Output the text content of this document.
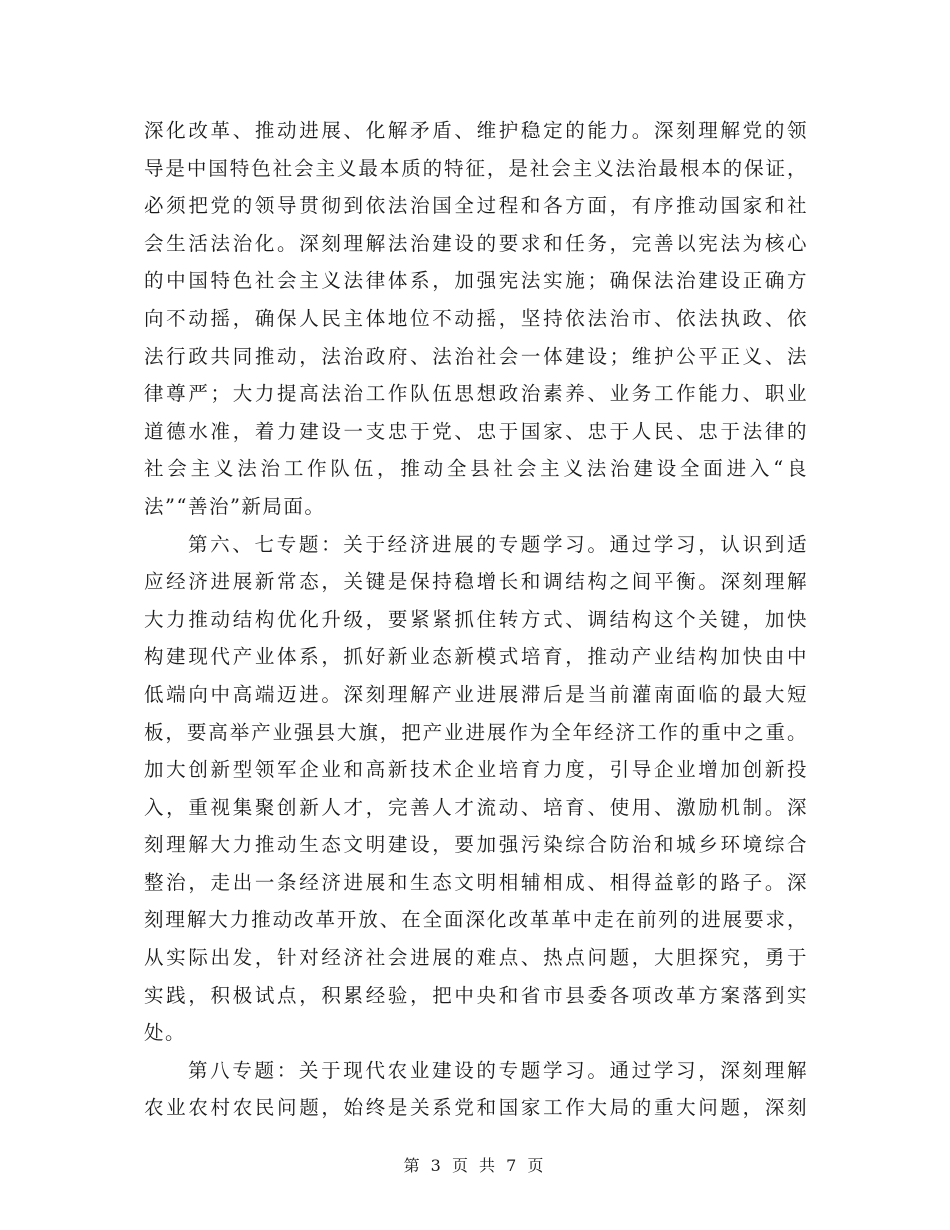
深化改革、推动进展、化解矛盾、维护稳定的能力。深刻理解党的领
导是中国特色社会主义最本质的特征，是社会主义法治最根本的保证，
必须把党的领导贯彻到依法治国全过程和各方面，有序推动国家和社
会生活法治化。深刻理解法治建设的要求和任务，完善以宪法为核心
的中国特色社会主义法律体系，加强宪法实施；确保法治建设正确方
向不动摇，确保人民主体地位不动摇，坚持依法治市、依法执政、依
法行政共同推动，法治政府、法治社会一体建设；维护公平正义、法
律尊严；大力提高法治工作队伍思想政治素养、业务工作能力、职业
道德水准，着力建设一支忠于党、忠于国家、忠于人民、忠于法律的
社会主义法治工作队伍，推动全县社会主义法治建设全面进入“良
法”“善治”新局面。
第六、七专题：关于经济进展的专题学习。通过学习，认识到适
应经济进展新常态，关键是保持稳增长和调结构之间平衡。深刻理解
大力推动结构优化升级，要紧紧抓住转方式、调结构这个关键，加快
构建现代产业体系，抓好新业态新模式培育，推动产业结构加快由中
低端向中高端迈进。深刻理解产业进展滞后是当前灌南面临的最大短
板，要高举产业强县大旗，把产业进展作为全年经济工作的重中之重。
加大创新型领军企业和高新技术企业培育力度，引导企业增加创新投
入，重视集聚创新人才，完善人才流动、培育、使用、激励机制。深
刻理解大力推动生态文明建设，要加强污染综合防治和城乡环境综合
整治，走出一条经济进展和生态文明相辅相成、相得益彰的路子。深
刻理解大力推动改革开放、在全面深化改革革中走在前列的进展要求，
从实际出发，针对经济社会进展的难点、热点问题，大胆探究，勇于
实践，积极试点，积累经验，把中央和省市县委各项改革方案落到实
处。
第八专题：关于现代农业建设的专题学习。通过学习，深刻理解
农业农村农民问题，始终是关系党和国家工作大局的重大问题，深刻
第 3 页 共 7 页
